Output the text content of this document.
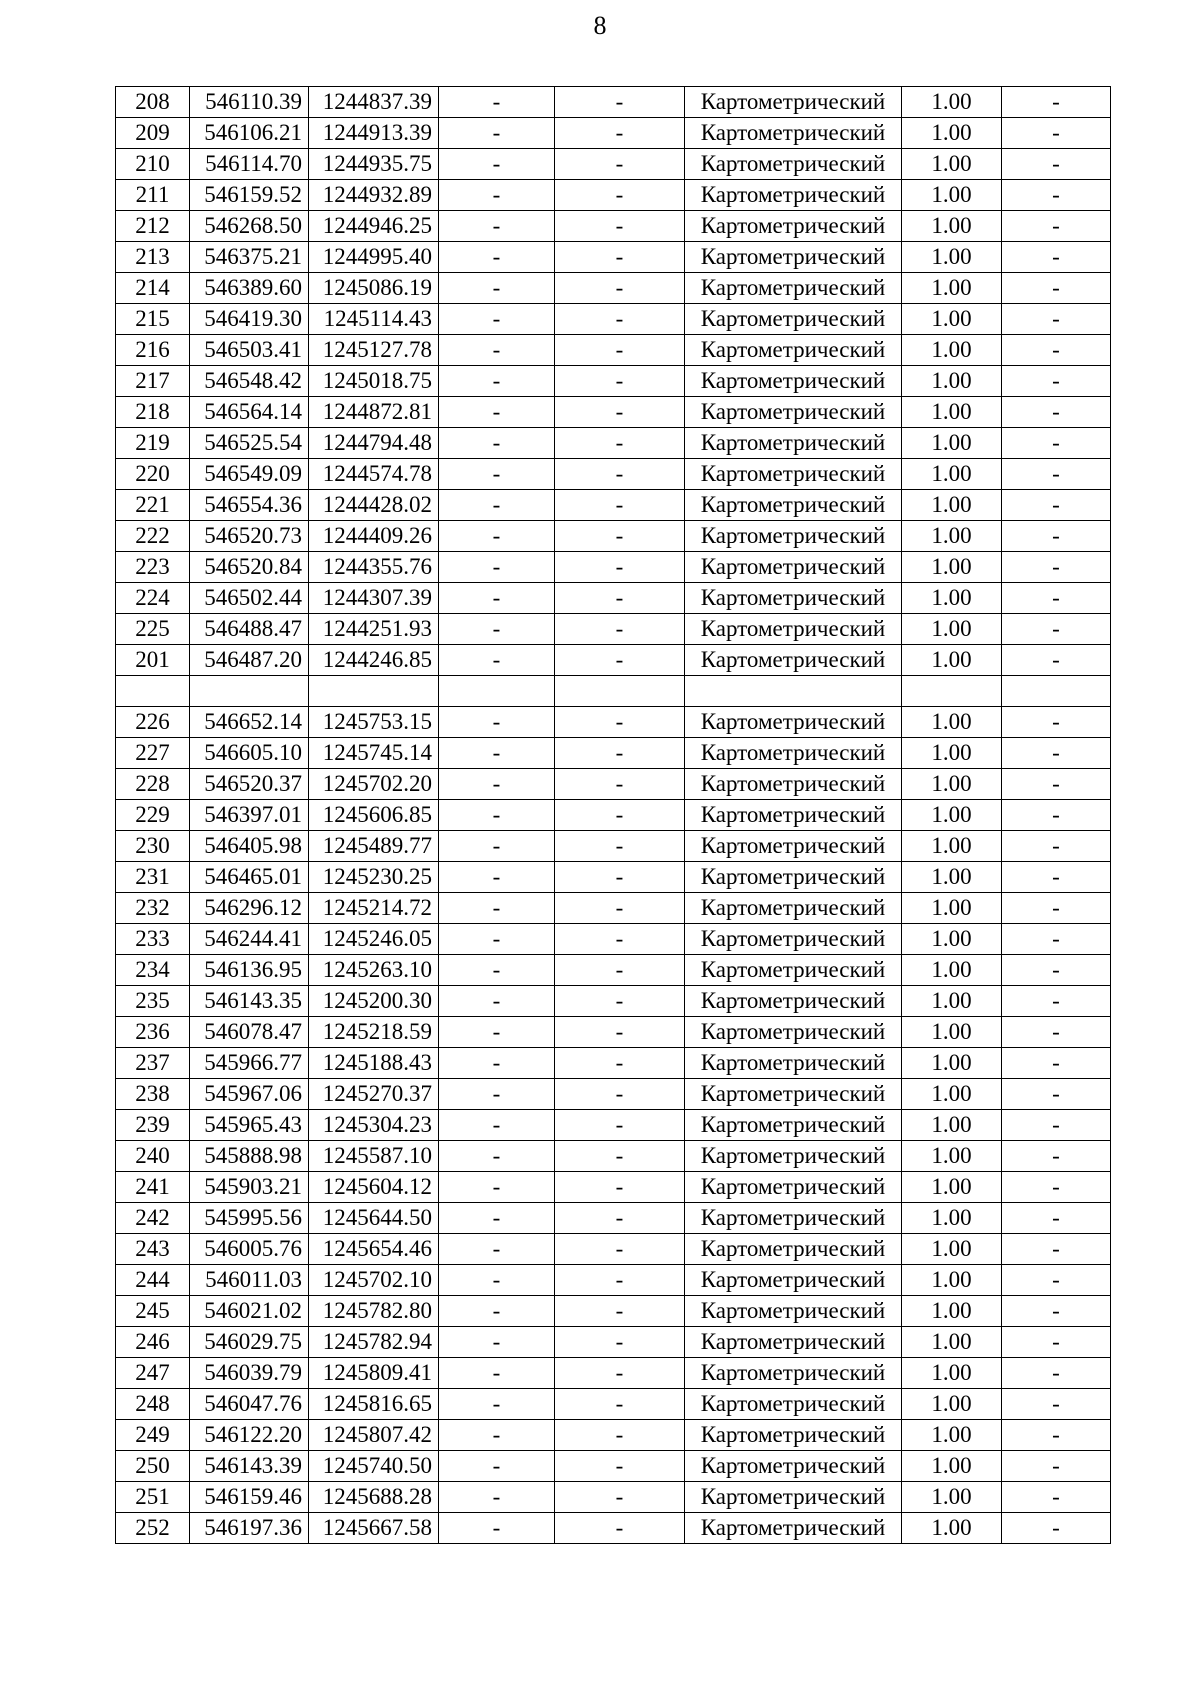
8
208	546110.39	1244837.39	-	-	Картометрический	1.00	-
209	546106.21	1244913.39	-	-	Картометрический	1.00	-
210	546114.70	1244935.75	-	-	Картометрический	1.00	-
211	546159.52	1244932.89	-	-	Картометрический	1.00	-
212	546268.50	1244946.25	-	-	Картометрический	1.00	-
213	546375.21	1244995.40	-	-	Картометрический	1.00	-
214	546389.60	1245086.19	-	-	Картометрический	1.00	-
215	546419.30	1245114.43	-	-	Картометрический	1.00	-
216	546503.41	1245127.78	-	-	Картометрический	1.00	-
217	546548.42	1245018.75	-	-	Картометрический	1.00	-
218	546564.14	1244872.81	-	-	Картометрический	1.00	-
219	546525.54	1244794.48	-	-	Картометрический	1.00	-
220	546549.09	1244574.78	-	-	Картометрический	1.00	-
221	546554.36	1244428.02	-	-	Картометрический	1.00	-
222	546520.73	1244409.26	-	-	Картометрический	1.00	-
223	546520.84	1244355.76	-	-	Картометрический	1.00	-
224	546502.44	1244307.39	-	-	Картометрический	1.00	-
225	546488.47	1244251.93	-	-	Картометрический	1.00	-
201	546487.20	1244246.85	-	-	Картометрический	1.00	-

226	546652.14	1245753.15	-	-	Картометрический	1.00	-
227	546605.10	1245745.14	-	-	Картометрический	1.00	-
228	546520.37	1245702.20	-	-	Картометрический	1.00	-
229	546397.01	1245606.85	-	-	Картометрический	1.00	-
230	546405.98	1245489.77	-	-	Картометрический	1.00	-
231	546465.01	1245230.25	-	-	Картометрический	1.00	-
232	546296.12	1245214.72	-	-	Картометрический	1.00	-
233	546244.41	1245246.05	-	-	Картометрический	1.00	-
234	546136.95	1245263.10	-	-	Картометрический	1.00	-
235	546143.35	1245200.30	-	-	Картометрический	1.00	-
236	546078.47	1245218.59	-	-	Картометрический	1.00	-
237	545966.77	1245188.43	-	-	Картометрический	1.00	-
238	545967.06	1245270.37	-	-	Картометрический	1.00	-
239	545965.43	1245304.23	-	-	Картометрический	1.00	-
240	545888.98	1245587.10	-	-	Картометрический	1.00	-
241	545903.21	1245604.12	-	-	Картометрический	1.00	-
242	545995.56	1245644.50	-	-	Картометрический	1.00	-
243	546005.76	1245654.46	-	-	Картометрический	1.00	-
244	546011.03	1245702.10	-	-	Картометрический	1.00	-
245	546021.02	1245782.80	-	-	Картометрический	1.00	-
246	546029.75	1245782.94	-	-	Картометрический	1.00	-
247	546039.79	1245809.41	-	-	Картометрический	1.00	-
248	546047.76	1245816.65	-	-	Картометрический	1.00	-
249	546122.20	1245807.42	-	-	Картометрический	1.00	-
250	546143.39	1245740.50	-	-	Картометрический	1.00	-
251	546159.46	1245688.28	-	-	Картометрический	1.00	-
252	546197.36	1245667.58	-	-	Картометрический	1.00	-
